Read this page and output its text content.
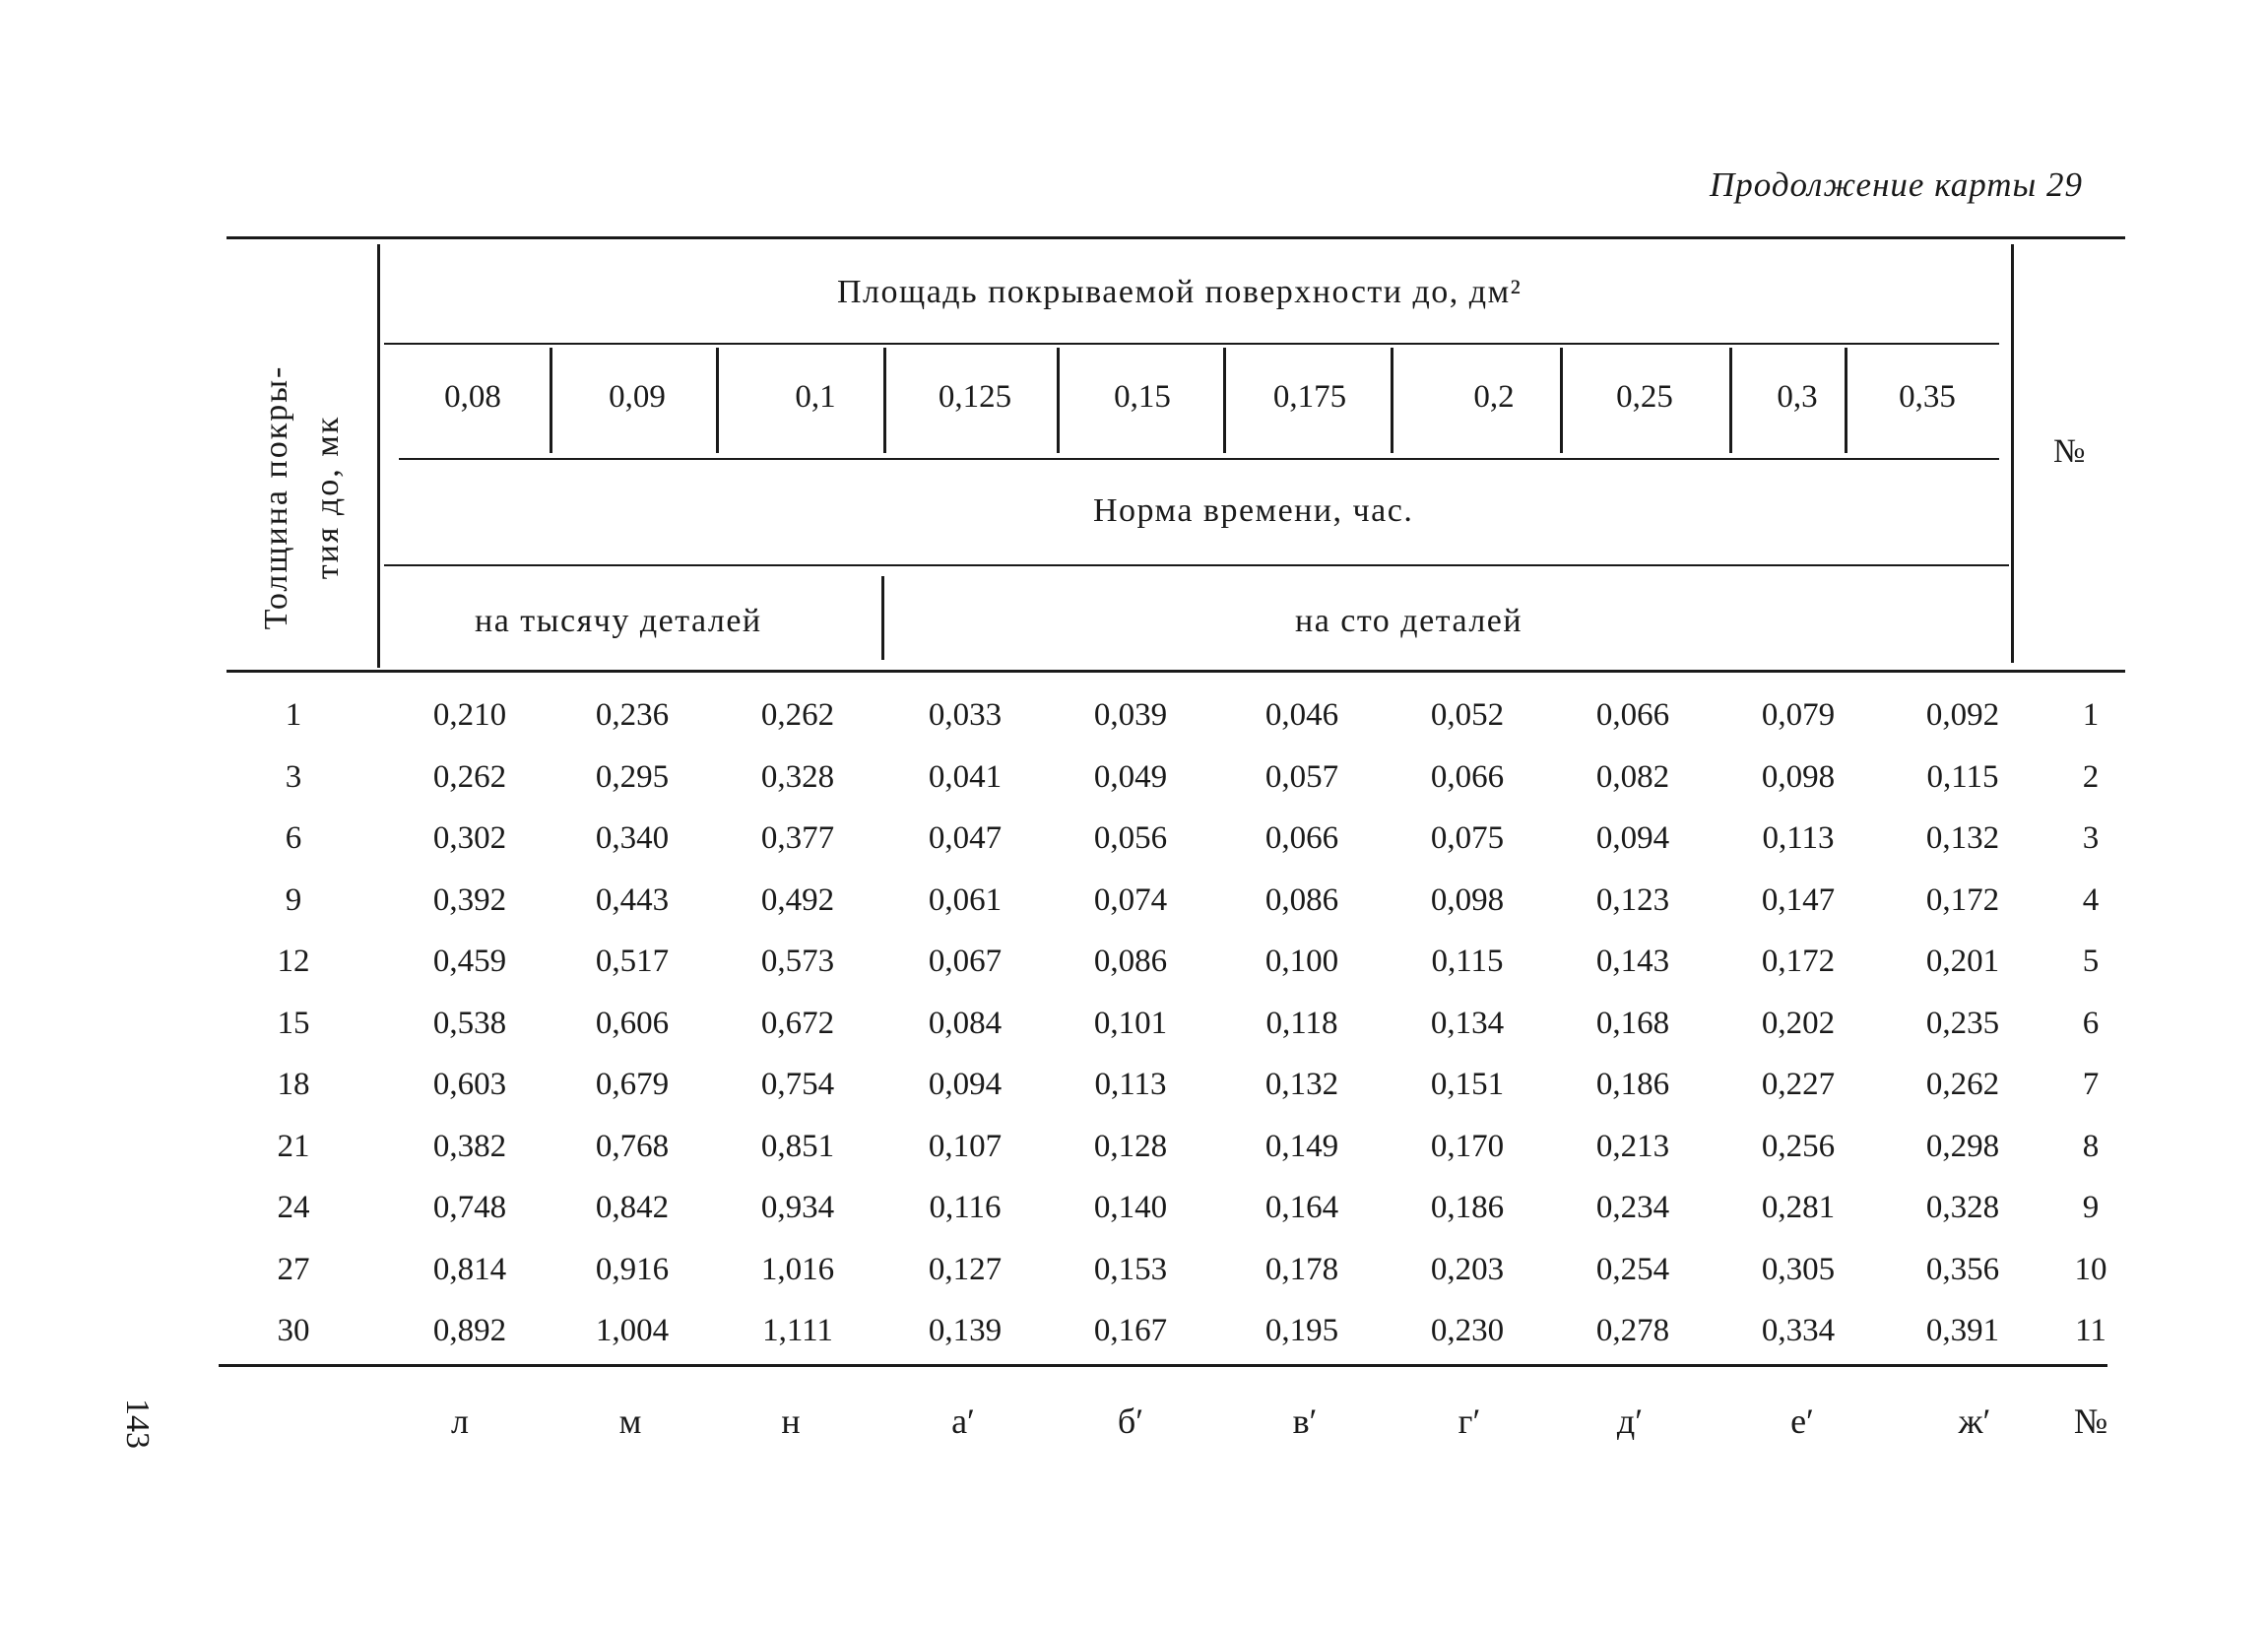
Продолжение карты 29
143
Толщина покры- тия до, мк
Площадь покрываемой поверхности до, дм²
Норма времени, час.
на тысячу деталей	на сто деталей
№
0,08	0,09	0,1	0,125	0,15	0,175	0,2	0,25	0,3	0,35
1	0,210	0,236	0,262	0,033	0,039	0,046	0,052	0,066	0,079	0,092	1
3	0,262	0,295	0,328	0,041	0,049	0,057	0,066	0,082	0,098	0,115	2
6	0,302	0,340	0,377	0,047	0,056	0,066	0,075	0,094	0,113	0,132	3
9	0,392	0,443	0,492	0,061	0,074	0,086	0,098	0,123	0,147	0,172	4
12	0,459	0,517	0,573	0,067	0,086	0,100	0,115	0,143	0,172	0,201	5
15	0,538	0,606	0,672	0,084	0,101	0,118	0,134	0,168	0,202	0,235	6
18	0,603	0,679	0,754	0,094	0,113	0,132	0,151	0,186	0,227	0,262	7
21	0,382	0,768	0,851	0,107	0,128	0,149	0,170	0,213	0,256	0,298	8
24	0,748	0,842	0,934	0,116	0,140	0,164	0,186	0,234	0,281	0,328	9
27	0,814	0,916	1,016	0,127	0,153	0,178	0,203	0,254	0,305	0,356	10
30	0,892	1,004	1,111	0,139	0,167	0,195	0,230	0,278	0,334	0,391	11
л	м	н	а′	б′	в′	г′	д′	е′	ж′	№
